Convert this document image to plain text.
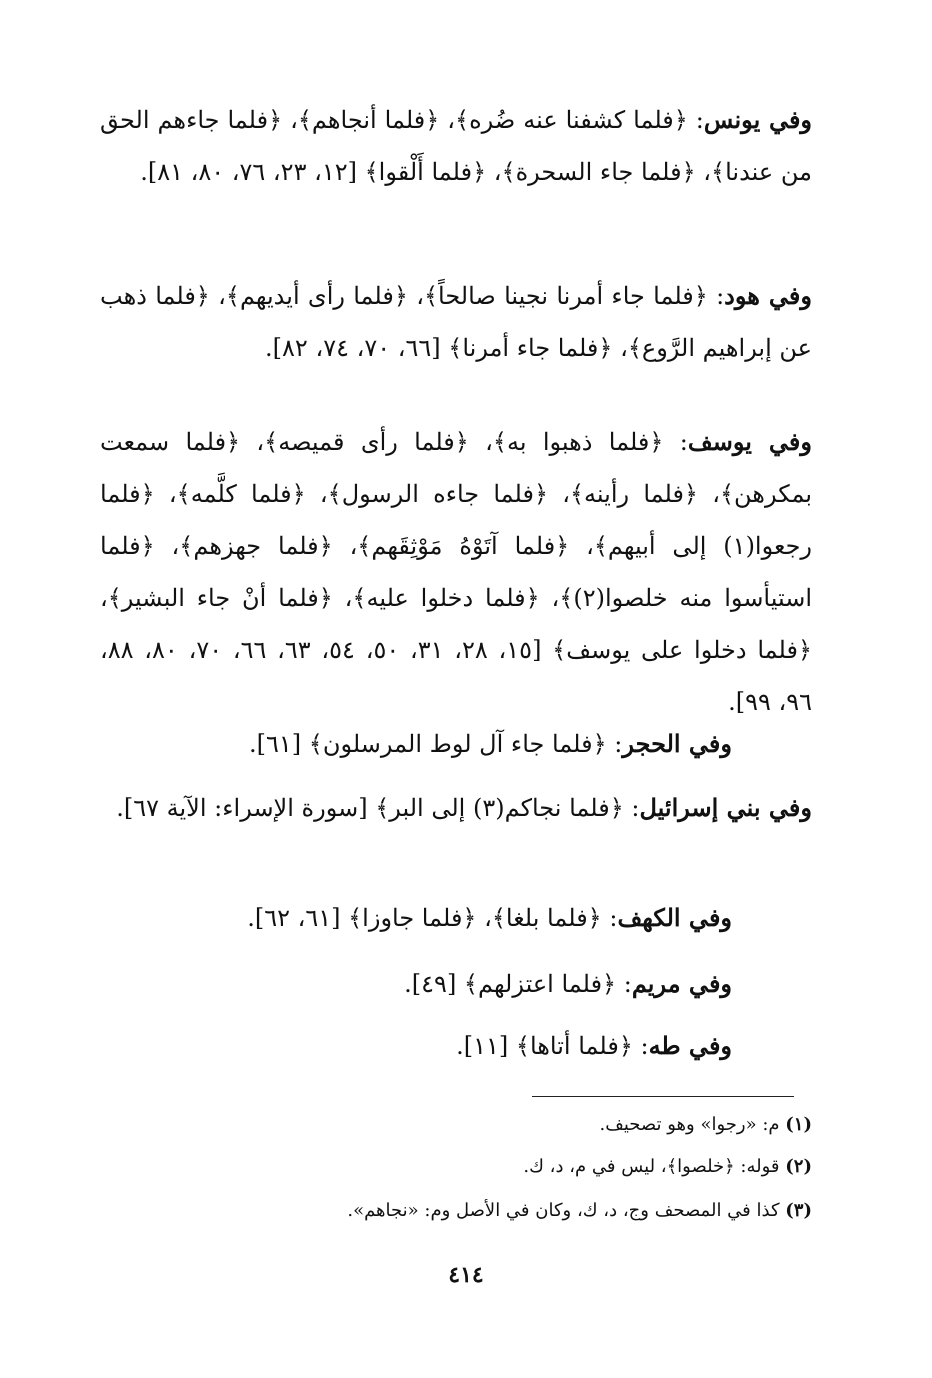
وفي يونس: ﴿فلما كشفنا عنه ضُره﴾، ﴿فلما أنجاهم﴾، ﴿فلما جاءهم الحق من عندنا﴾، ﴿فلما جاء السحرة﴾، ﴿فلما أَلْقوا﴾ [١٢، ٢٣، ٧٦، ٨٠، ٨١].

وفي هود: ﴿فلما جاء أمرنا نجينا صالحاً﴾، ﴿فلما رأى أيديهم﴾، ﴿فلما ذهب عن إبراهيم الرَّوع﴾، ﴿فلما جاء أمرنا﴾ [٦٦، ٧٠، ٧٤، ٨٢].

وفي يوسف: ﴿فلما ذهبوا به﴾، ﴿فلما رأى قميصه﴾، ﴿فلما سمعت بمكرهن﴾، ﴿فلما رأينه﴾، ﴿فلما جاءه الرسول﴾، ﴿فلما كلَّمه﴾، ﴿فلما رجعوا(١) إلى أبيهم﴾، ﴿فلما آتَوْهُ مَوْثِقَهم﴾، ﴿فلما جهزهم﴾، ﴿فلما استيأسوا منه خلصوا(٢)﴾، ﴿فلما دخلوا عليه﴾، ﴿فلما أنْ جاء البشير﴾، ﴿فلما دخلوا على يوسف﴾ [١٥، ٢٨، ٣١، ٥٠، ٥٤، ٦٣، ٦٦، ٧٠، ٨٠، ٨٨، ٩٦، ٩٩].

وفي الحجر: ﴿فلما جاء آل لوط المرسلون﴾ [٦١].

وفي بني إسرائيل: ﴿فلما نجاكم(٣) إلى البر﴾ [سورة الإسراء: الآية ٦٧].

وفي الكهف: ﴿فلما بلغا﴾، ﴿فلما جاوزا﴾ [٦١، ٦٢].

وفي مريم: ﴿فلما اعتزلهم﴾ [٤٩].

وفي طه: ﴿فلما أتاها﴾ [١١].

(١) م: «رجوا» وهو تصحيف.

(٢) قوله: ﴿خلصوا﴾، ليس في م، د، ك.

(٣) كذا في المصحف وج، د، ك، وكان في الأصل وم: «نجاهم».

٤١٤
